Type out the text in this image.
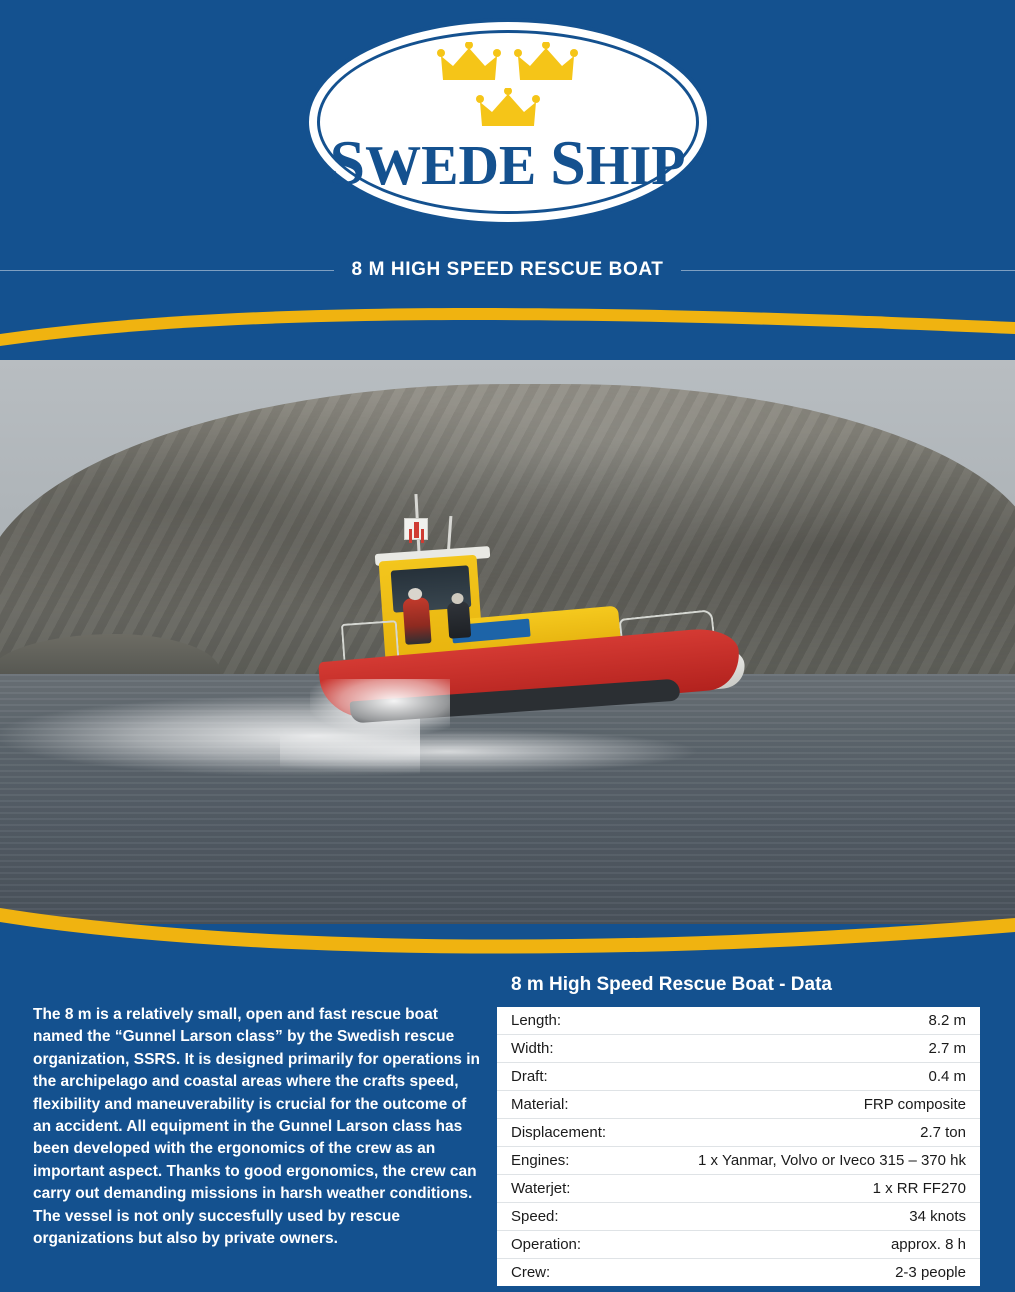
SWEDE SHIP
8 M HIGH SPEED RESCUE BOAT
The 8 m is a relatively small, open and fast rescue boat named the “Gunnel Larson class” by the Swedish rescue organization, SSRS. It is designed primarily for operations in the archipelago and coastal areas where the crafts speed, flexibility and maneuverability is crucial for the outcome of an accident. All equipment in the Gunnel Larson class has been developed with the ergonomics of the crew as an important aspect. Thanks to good ergonomics, the crew can carry out demanding missions in harsh weather conditions. The vessel is not only succesfully used by rescue organizations but also by private owners.
8 m High Speed Rescue Boat - Data
Length:	8.2 m
Width:	2.7 m
Draft:	0.4 m
Material:	FRP composite
Displacement:	2.7 ton
Engines:	1 x Yanmar, Volvo or Iveco 315 – 370 hk
Waterjet:	1 x RR FF270
Speed:	34 knots
Operation:	approx. 8 h
Crew:	2-3 people
